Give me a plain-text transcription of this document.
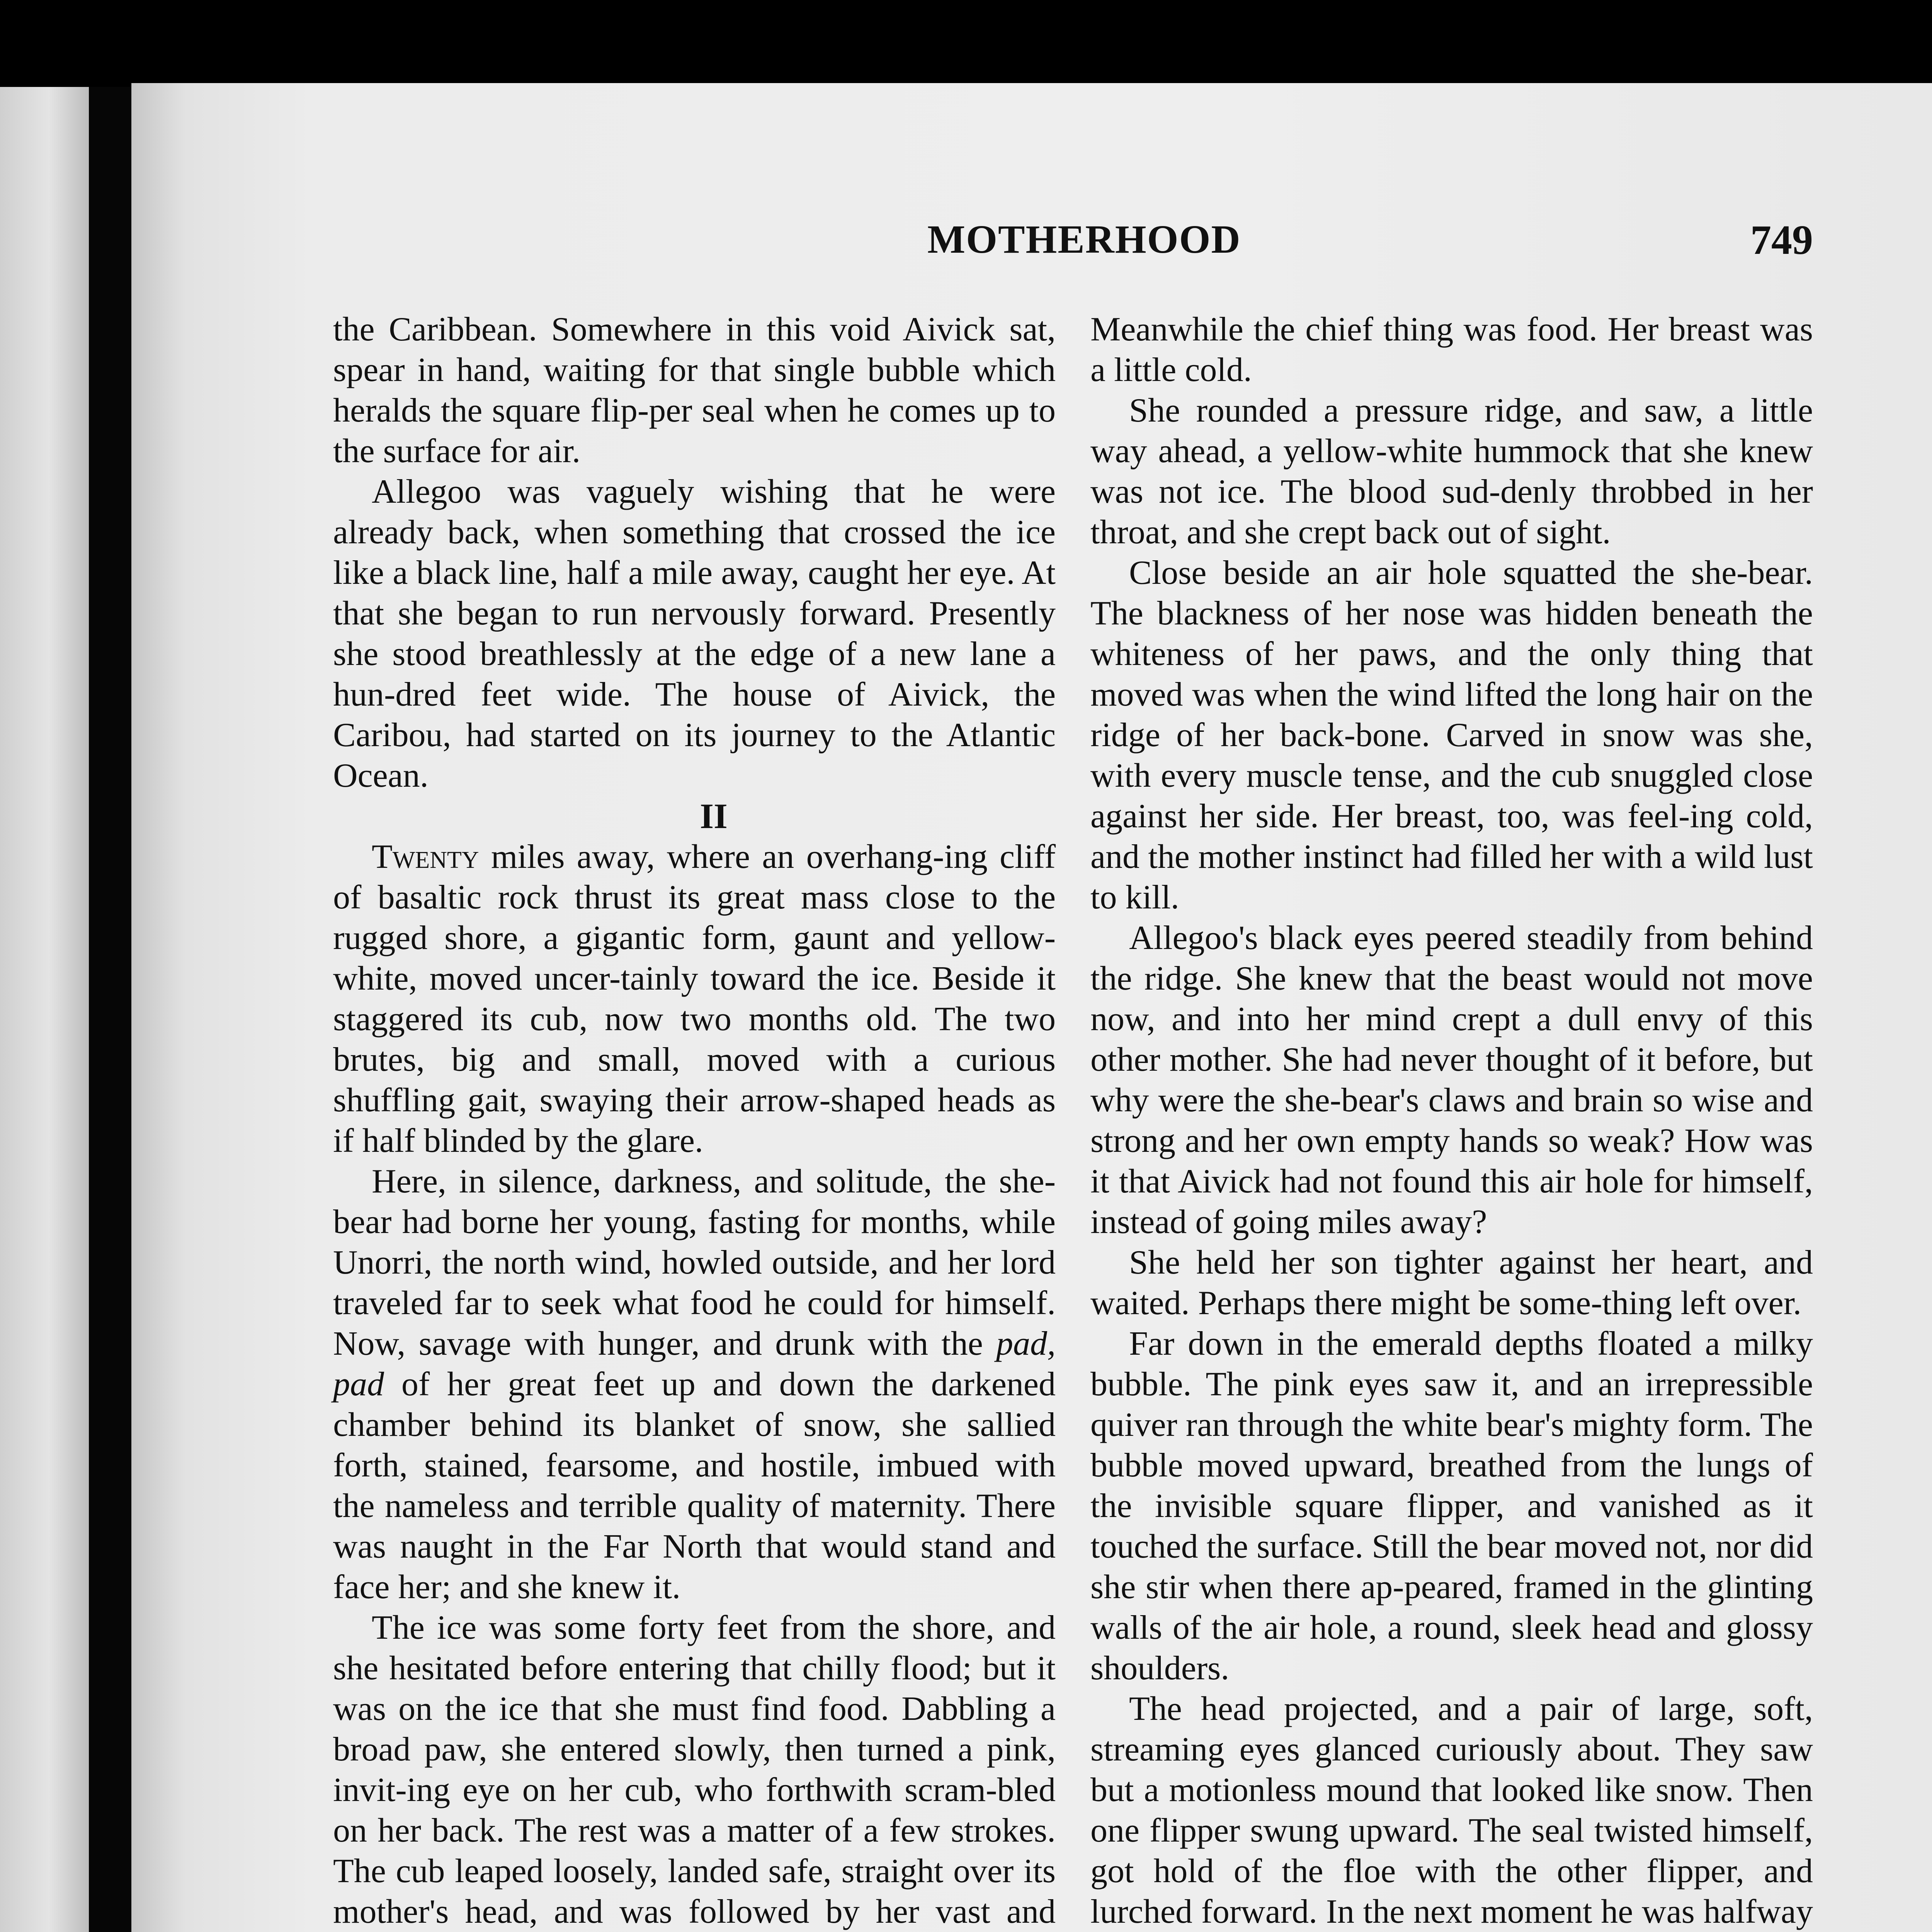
MOTHERHOOD	749

the Caribbean. Somewhere in this void Aivick sat, spear in hand, waiting for that single bubble which heralds the square flip-per seal when he comes up to the surface for air.

Allegoo was vaguely wishing that he were already back, when something that crossed the ice like a black line, half a mile away, caught her eye. At that she began to run nervously forward. Presently she stood breathlessly at the edge of a new lane a hun-dred feet wide. The house of Aivick, the Caribou, had started on its journey to the Atlantic Ocean.

II

Twenty miles away, where an overhang-ing cliff of basaltic rock thrust its great mass close to the rugged shore, a gigantic form, gaunt and yellow-white, moved uncer-tainly toward the ice. Beside it staggered its cub, now two months old. The two brutes, big and small, moved with a curious shuffling gait, swaying their arrow-shaped heads as if half blinded by the glare.

Here, in silence, darkness, and solitude, the she-bear had borne her young, fasting for months, while Unorri, the north wind, howled outside, and her lord traveled far to seek what food he could for himself. Now, savage with hunger, and drunk with the pad, pad of her great feet up and down the darkened chamber behind its blanket of snow, she sallied forth, stained, fearsome, and hostile, imbued with the nameless and terrible quality of maternity. There was naught in the Far North that would stand and face her; and she knew it.

The ice was some forty feet from the shore, and she hesitated before entering that chilly flood; but it was on the ice that she must find food. Dabbling a broad paw, she entered slowly, then turned a pink, invit-ing eye on her cub, who forthwith scram-bled on her back. The rest was a matter of a few strokes. The cub leaped loosely, landed safe, straight over its mother's head, and was followed by her vast and

Meanwhile the chief thing was food. Her breast was a little cold.

She rounded a pressure ridge, and saw, a little way ahead, a yellow-white hummock that she knew was not ice. The blood sud-denly throbbed in her throat, and she crept back out of sight.

Close beside an air hole squatted the she-bear. The blackness of her nose was hidden beneath the whiteness of her paws, and the only thing that moved was when the wind lifted the long hair on the ridge of her back-bone. Carved in snow was she, with every muscle tense, and the cub snuggled close against her side. Her breast, too, was feel-ing cold, and the mother instinct had filled her with a wild lust to kill.

Allegoo's black eyes peered steadily from behind the ridge. She knew that the beast would not move now, and into her mind crept a dull envy of this other mother. She had never thought of it before, but why were the she-bear's claws and brain so wise and strong and her own empty hands so weak? How was it that Aivick had not found this air hole for himself, instead of going miles away?

She held her son tighter against her heart, and waited. Perhaps there might be some-thing left over.

Far down in the emerald depths floated a milky bubble. The pink eyes saw it, and an irrepressible quiver ran through the white bear's mighty form. The bubble moved upward, breathed from the lungs of the invisible square flipper, and vanished as it touched the surface. Still the bear moved not, nor did she stir when there ap-peared, framed in the glinting walls of the air hole, a round, sleek head and glossy shoulders.

The head projected, and a pair of large, soft, streaming eyes glanced curiously about. They saw but a motionless mound that looked like snow. Then one flipper swung upward. The seal twisted himself, got hold of the floe with the other flipper, and lurched forward. In the next moment he was halfway
